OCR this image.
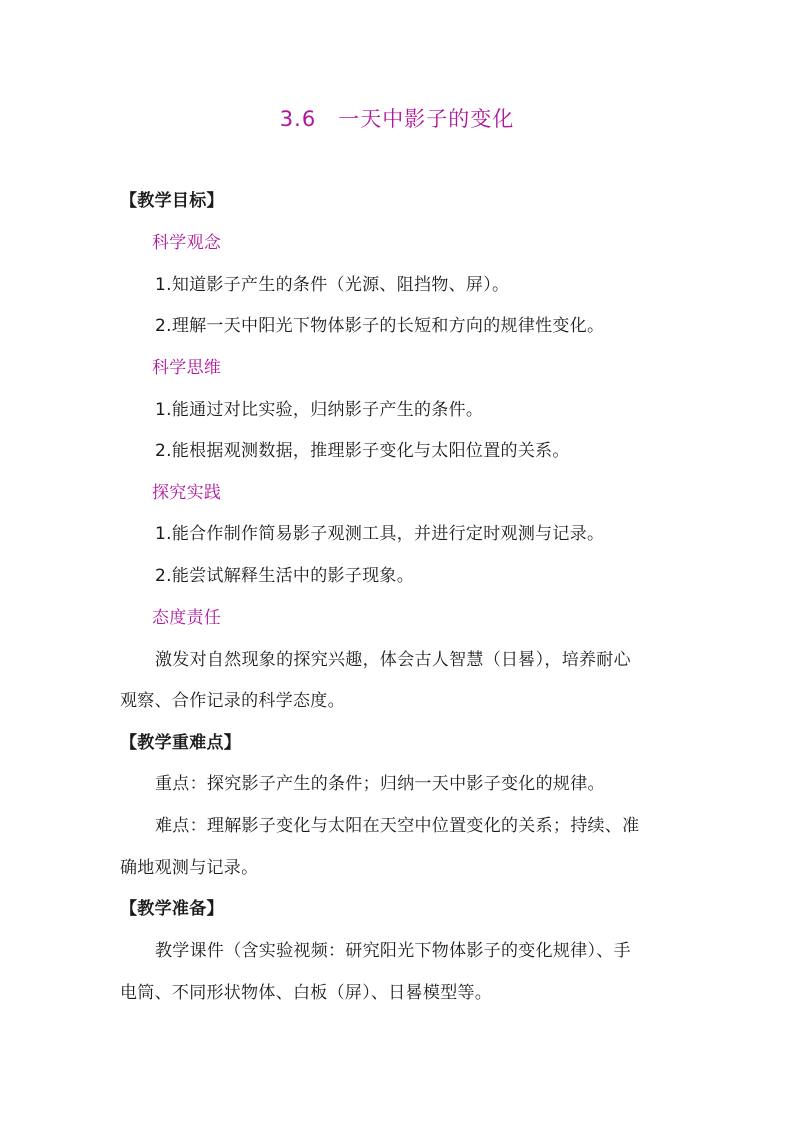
3.6　一天中影子的变化
【教学目标】
科学观念
1.知道影子产生的条件（光源、阻挡物、屏）。
2.理解一天中阳光下物体影子的长短和方向的规律性变化。
科学思维
1.能通过对比实验，归纳影子产生的条件。
2.能根据观测数据，推理影子变化与太阳位置的关系。
探究实践
1.能合作制作简易影子观测工具，并进行定时观测与记录。
2.能尝试解释生活中的影子现象。
态度责任
激发对自然现象的探究兴趣，体会古人智慧（日晷），培养耐心
观察、合作记录的科学态度。
【教学重难点】
重点：探究影子产生的条件；归纳一天中影子变化的规律。
难点：理解影子变化与太阳在天空中位置变化的关系；持续、准
确地观测与记录。
【教学准备】
教学课件（含实验视频：研究阳光下物体影子的变化规律）、手
电筒、不同形状物体、白板（屏）、日晷模型等。
